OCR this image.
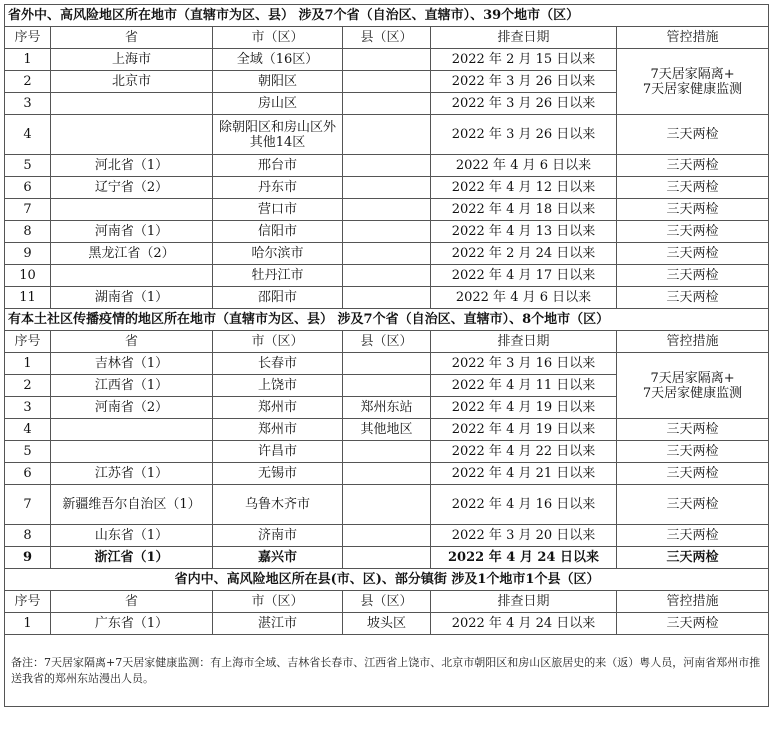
省外中、高风险地区所在地市（直辖市为区、县） 涉及7个省（自治区、直辖市）、39个地市（区）					
序号	省	市（区）	县（区）	排查日期	管控措施
1	上海市	全域（16区）		2022 年 2 月 15 日以来	7天居家隔离+
7天居家健康监测
2	北京市	朝阳区		2022 年 3 月 26 日以来	
3		房山区		2022 年 3 月 26 日以来	
4		除朝阳区和房山区外其他14区		2022 年 3 月 26 日以来	三天两检
5	河北省（1）	邢台市		2022 年 4 月 6 日以来	三天两检
6	辽宁省（2）	丹东市		2022 年 4 月 12 日以来	三天两检
7		营口市		2022 年 4 月 18 日以来	三天两检
8	河南省（1）	信阳市		2022 年 4 月 13 日以来	三天两检
9	黑龙江省（2）	哈尔滨市		2022 年 2 月 24 日以来	三天两检
10		牡丹江市		2022 年 4 月 17 日以来	三天两检
11	湖南省（1）	邵阳市		2022 年 4 月 6 日以来	三天两检
有本土社区传播疫情的地区所在地市（直辖市为区、县） 涉及7个省（自治区、直辖市）、8个地市（区）					
序号	省	市（区）	县（区）	排查日期	管控措施
1	吉林省（1）	长春市		2022 年 3 月 16 日以来	7天居家隔离+
7天居家健康监测
2	江西省（1）	上饶市		2022 年 4 月 11 日以来	
3	河南省（2）	郑州市	郑州东站	2022 年 4 月 19 日以来	
4		郑州市	其他地区	2022 年 4 月 19 日以来	三天两检
5		许昌市		2022 年 4 月 22 日以来	三天两检
6	江苏省（1）	无锡市		2022 年 4 月 21 日以来	三天两检
7	新疆维吾尔自治区（1）	乌鲁木齐市		2022 年 4 月 16 日以来	三天两检
8	山东省（1）	济南市		2022 年 3 月 20 日以来	三天两检
9	浙江省（1）	嘉兴市		2022 年 4 月 24 日以来	三天两检
省内中、高风险地区所在县(市、区)、部分镇街 涉及1个地市1个县（区）					
序号	省	市（区）	县（区）	排查日期	管控措施
1	广东省（1）	湛江市	坡头区	2022 年 4 月 24 日以来	三天两检
备注：7天居家隔离+7天居家健康监测：有上海市全域、吉林省长春市、江西省上饶市、北京市朝阳区和房山区旅居史的来（返）粤人员，河南省郑州市推送我省的郑州东站漫出人员。					
